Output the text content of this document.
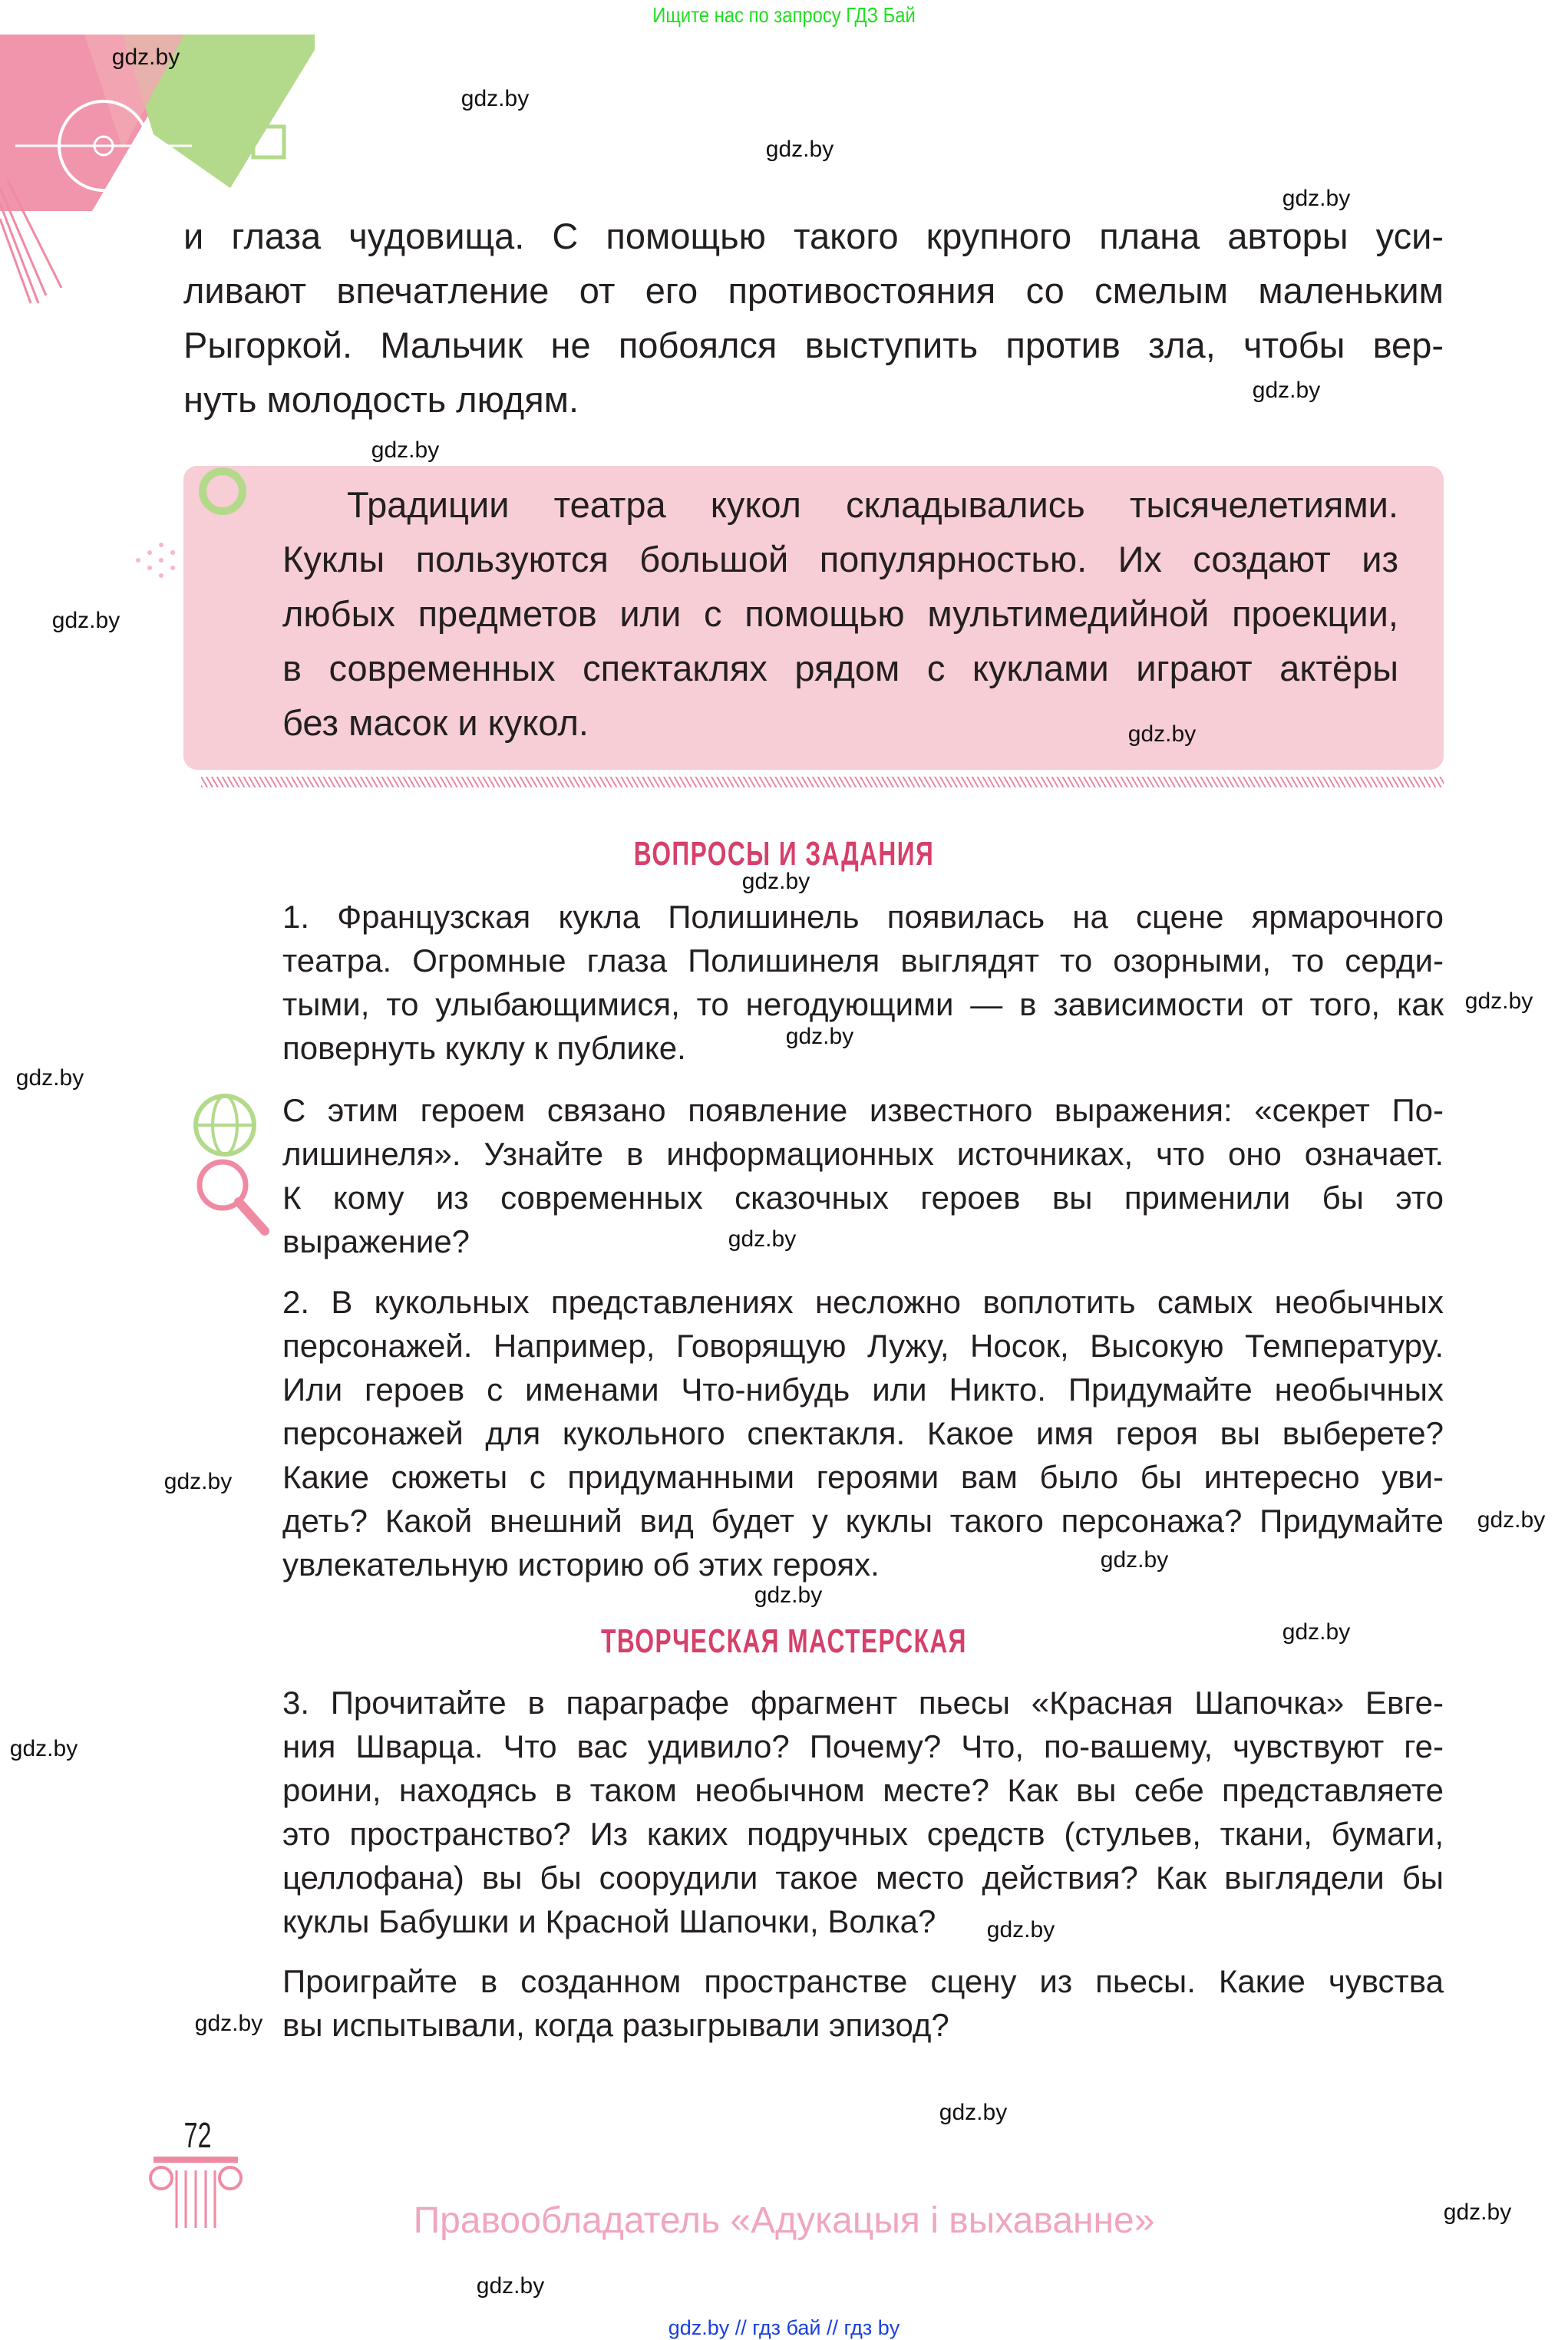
Ищите нас по запросу ГДЗ Бай
и глаза чудовища. С помощью такого крупного плана авторы уси-
ливают впечатление от его противостояния со смелым маленьким
Рыгоркой. Мальчик не побоялся выступить против зла, чтобы вер-
нуть молодость людям.
Традиции театра кукол складывались тысячелетиями.
Куклы пользуются большой популярностью. Их создают из
любых предметов или с помощью мультимедийной проекции,
в современных спектаклях рядом с куклами играют актёры
без масок и кукол.
ВОПРОСЫ И ЗАДАНИЯ
1. Французская кукла Полишинель появилась на сцене ярмарочного
театра. Огромные глаза Полишинеля выглядят то озорными, то серди-
тыми, то улыбающимися, то негодующими — в зависимости от того, как
повернуть куклу к публике.
С этим героем связано появление известного выражения: «секрет По-
лишинеля». Узнайте в информационных источниках, что оно означает.
К кому из современных сказочных героев вы применили бы это
выражение?
2. В кукольных представлениях несложно воплотить самых необычных
персонажей. Например, Говорящую Лужу, Носок, Высокую Температуру.
Или героев с именами Что-нибудь или Никто. Придумайте необычных
персонажей для кукольного спектакля. Какое имя героя вы выберете?
Какие сюжеты с придуманными героями вам было бы интересно уви-
деть? Какой внешний вид будет у куклы такого персонажа? Придумайте
увлекательную историю об этих героях.
ТВОРЧЕСКАЯ МАСТЕРСКАЯ
3. Прочитайте в параграфе фрагмент пьесы «Красная Шапочка» Евге-
ния Шварца. Что вас удивило? Почему? Что, по-вашему, чувствуют ге-
роини, находясь в таком необычном месте? Как вы себе представляете
это пространство? Из каких подручных средств (стульев, ткани, бумаги,
целлофана) вы бы соорудили такое место действия? Как выглядели бы
куклы Бабушки и Красной Шапочки, Волка?
Проиграйте в созданном пространстве сцену из пьесы. Какие чувства
вы испытывали, когда разыгрывали эпизод?
72
Правообладатель «Адукацыя і выхаванне»
gdz.by // гдз бай // гдз by
gdz.by
gdz.by
gdz.by
gdz.by
gdz.by
gdz.by
gdz.by
gdz.by
gdz.by
gdz.by
gdz.by
gdz.by
gdz.by
gdz.by
gdz.by
gdz.by
gdz.by
gdz.by
gdz.by
gdz.by
gdz.by
gdz.by
gdz.by
gdz.by
